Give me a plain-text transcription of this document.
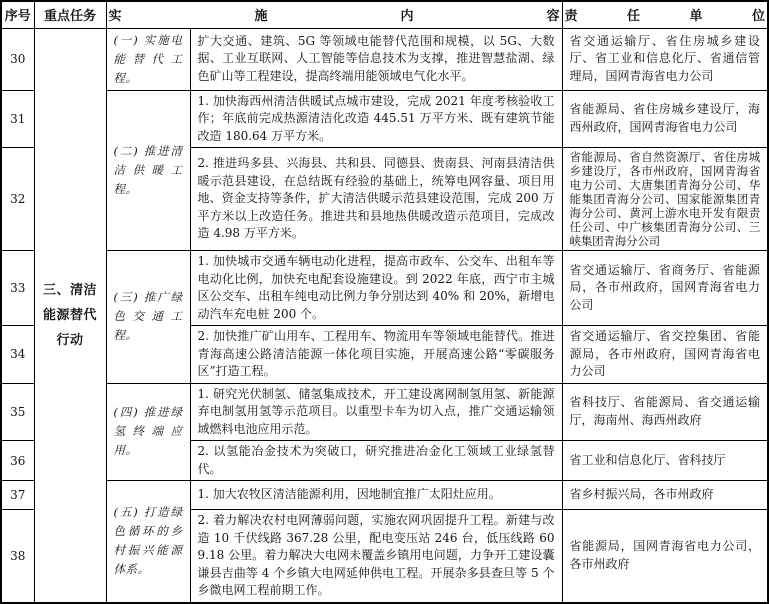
序号	重点任务	实施内容		责任单位
30	三、清洁能源替代行动	(一) 实施电能替代工程。	扩大交通、建筑、5G 等领域电能替代范围和规模，以 5G、大数据、工业互联网、人工智能等信息技术为支撑，推进智慧盐湖、绿色矿山等工程建设，提高终端用能领域电气化水平。	省交通运输厅、省住房城乡建设厅、省工业和信息化厅、省通信管理局，国网青海省电力公司
31		(二) 推进清洁供暖工程。	1. 加快海西州清洁供暖试点城市建设，完成 2021 年度考核验收工作；年底前完成热源清洁化改造 445.51 万平方米、既有建筑节能改造 180.64 万平方米。	省能源局、省住房城乡建设厅，海西州政府，国网青海省电力公司
32			2. 推进玛多县、兴海县、共和县、同德县、贵南县、河南县清洁供暖示范县建设，在总结既有经验的基础上，统筹电网容量、项目用地、资金支持等条件，扩大清洁供暖示范县建设范围，完成 200 万平方米以上改造任务。推进共和县地热供暖改造示范项目，完成改造 4.98 万平方米。	省能源局、省自然资源厅、省住房城乡建设厅，各市州政府，国网青海省电力公司、大唐集团青海分公司、华能集团青海分公司、国家能源集团青海分公司、黄河上游水电开发有限责任公司、中广核集团青海分公司、三峡集团青海分公司
33		(三) 推广绿色交通工程。	1. 加快城市交通车辆电动化进程，提高市政车、公交车、出租车等电动化比例，加快充电配套设施建设。到 2022 年底，西宁市主城区公交车、出租车纯电动比例力争分别达到 40% 和 20%，新增电动汽车充电桩 200 个。	省交通运输厅、省商务厅、省能源局，各市州政府，国网青海省电力公司
34			2. 加快推广矿山用车、工程用车、物流用车等领域电能替代。推进青海高速公路清洁能源一体化项目实施，开展高速公路“零碳服务区”打造工程。	省交通运输厅、省交控集团、省能源局，各市州政府，国网青海省电力公司
35		(四) 推进绿氢终端应用。	1. 研究光伏制氢、储氢集成技术，开工建设离网制氢用氢、新能源弃电制氢用氢等示范项目。以重型卡车为切入点，推广交通运输领域燃料电池应用示范。	省科技厅、省能源局、省交通运输厅，海南州、海西州政府
36			2. 以氢能冶金技术为突破口，研究推进冶金化工领域工业绿氢替代。	省工业和信息化厅、省科技厅
37		(五) 打造绿色循环的乡村振兴能源体系。	1. 加大农牧区清洁能源利用，因地制宜推广太阳灶应用。	省乡村振兴局，各市州政府
38			2. 着力解决农村电网薄弱问题，实施农网巩固提升工程。新建与改造 10 千伏线路 367.28 公里，配电变压站 246 台，低压线路 609.18 公里。着力解决大电网未覆盖乡镇用电问题，力争开工建设囊谦县吉曲等 4 个乡镇大电网延伸供电工程。开展杂多县查旦等 5 个乡微电网工程前期工作。	省能源局，国网青海省电力公司，各市州政府
